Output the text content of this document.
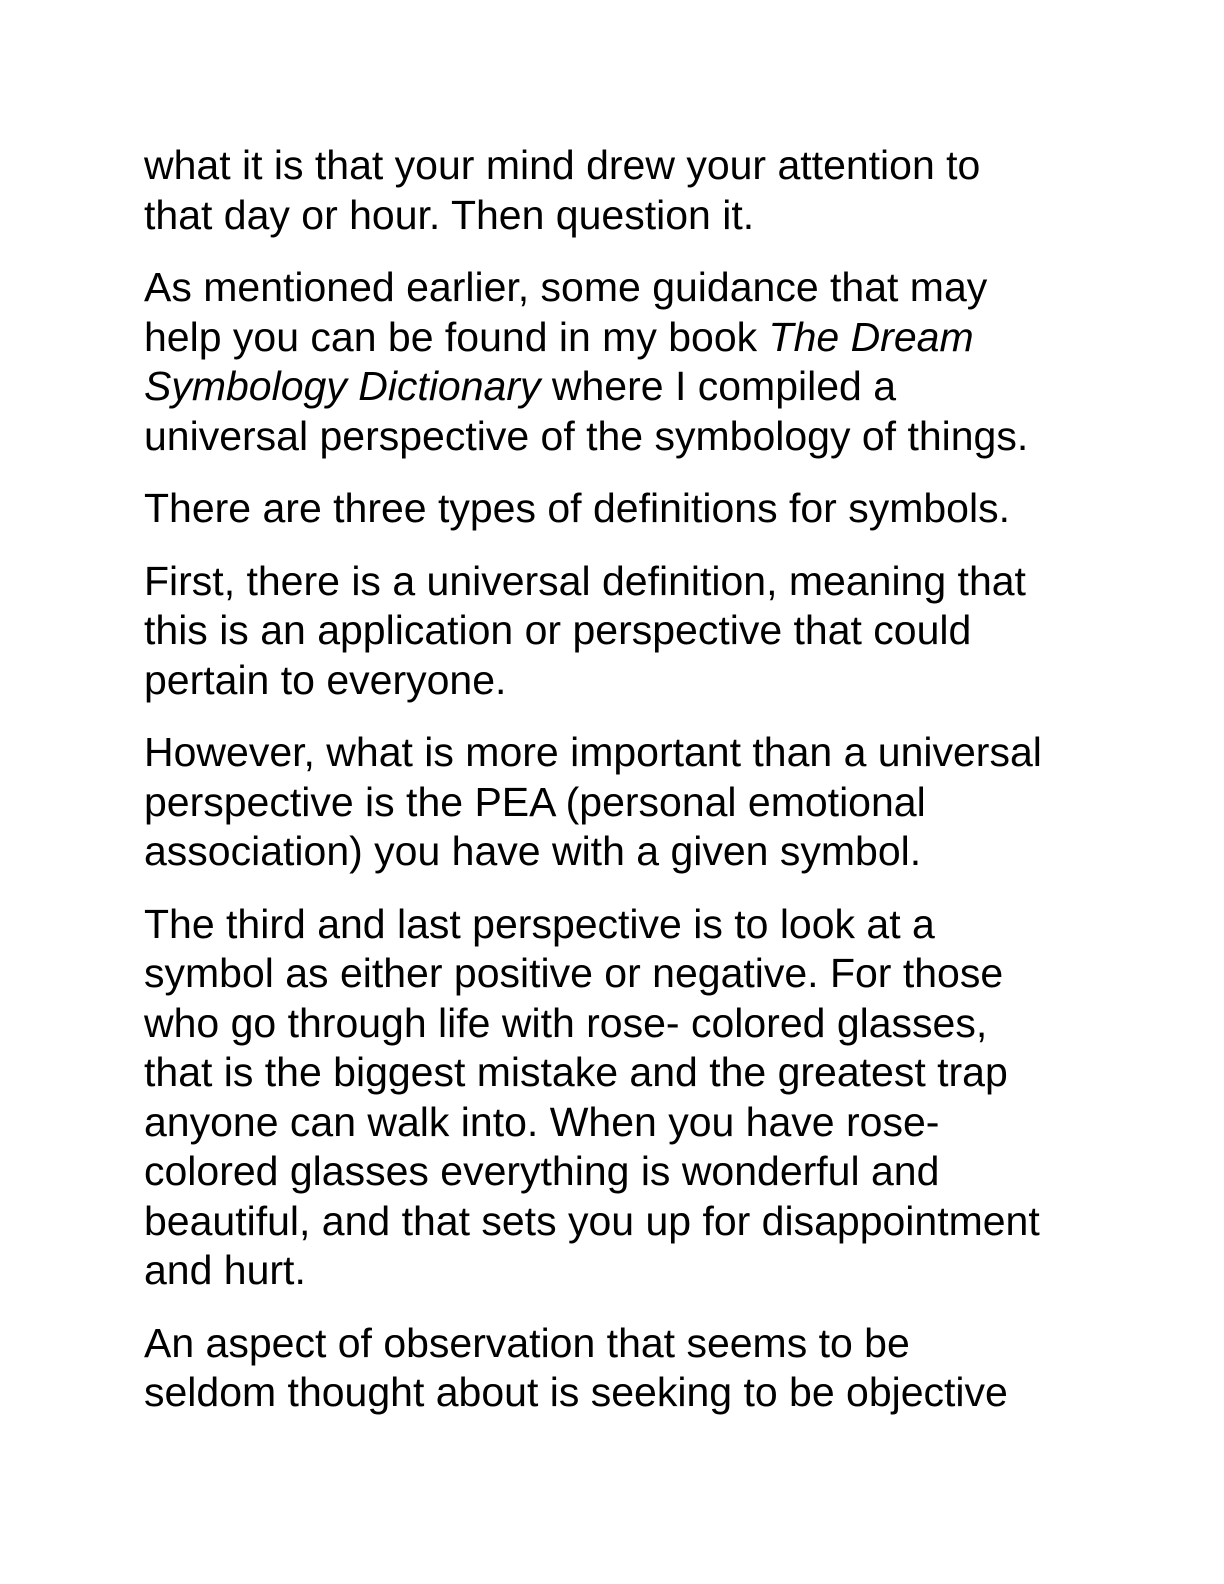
what it is that your mind drew your attention to
that day or hour. Then question it.

As mentioned earlier, some guidance that may
help you can be found in my book The Dream
Symbology Dictionary where I compiled a
universal perspective of the symbology of things.

There are three types of definitions for symbols.

First, there is a universal definition, meaning that
this is an application or perspective that could
pertain to everyone.

However, what is more important than a universal
perspective is the PEA (personal emotional
association) you have with a given symbol.

The third and last perspective is to look at a
symbol as either positive or negative. For those
who go through life with rose- colored glasses,
that is the biggest mistake and the greatest trap
anyone can walk into. When you have rose-
colored glasses everything is wonderful and
beautiful, and that sets you up for disappointment
and hurt.

An aspect of observation that seems to be
seldom thought about is seeking to be objective
